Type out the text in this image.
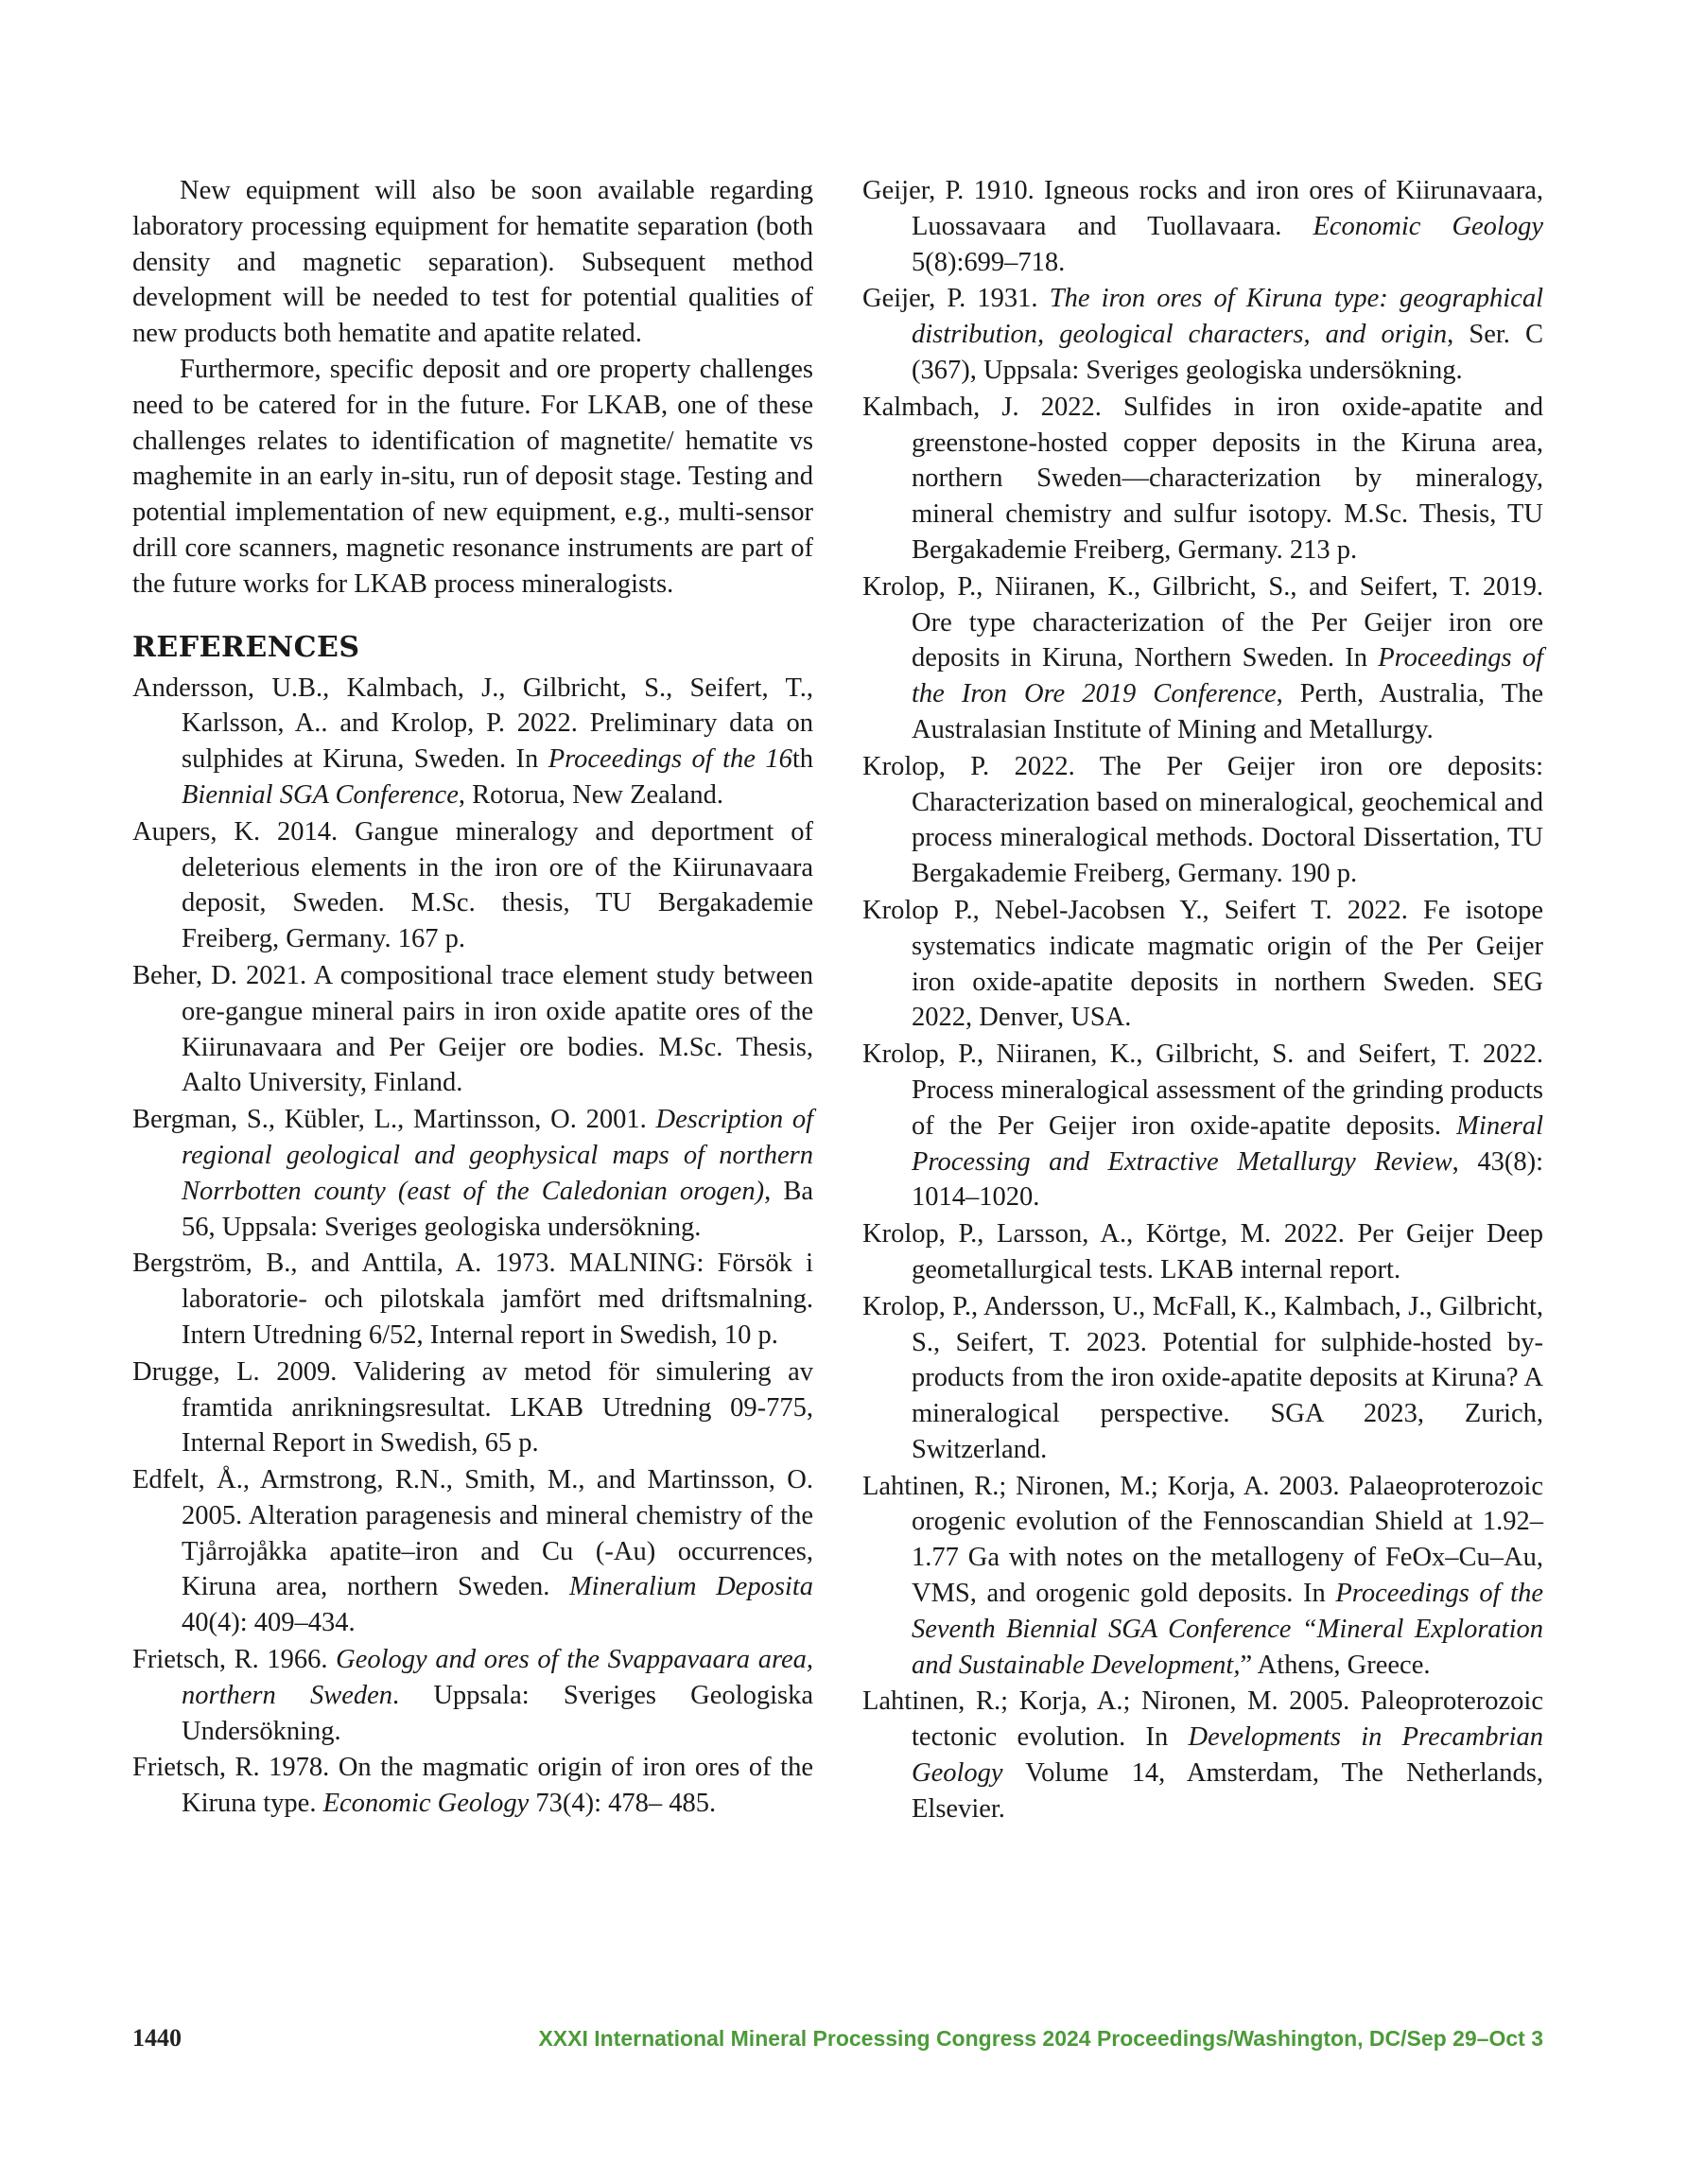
New equipment will also be soon available regarding laboratory processing equipment for hematite separation (both density and magnetic separation). Subsequent method development will be needed to test for potential qualities of new products both hematite and apatite related.

Furthermore, specific deposit and ore property challenges need to be catered for in the future. For LKAB, one of these challenges relates to identification of magnetite/ hematite vs maghemite in an early in-situ, run of deposit stage. Testing and potential implementation of new equipment, e.g., multi-sensor drill core scanners, magnetic resonance instruments are part of the future works for LKAB process mineralogists.

REFERENCES

Andersson, U.B., Kalmbach, J., Gilbricht, S., Seifert, T., Karlsson, A.. and Krolop, P. 2022. Preliminary data on sulphides at Kiruna, Sweden. In Proceedings of the 16th Biennial SGA Conference, Rotorua, New Zealand.

Aupers, K. 2014. Gangue mineralogy and deportment of deleterious elements in the iron ore of the Kiirunavaara deposit, Sweden. M.Sc. thesis, TU Bergakademie Freiberg, Germany. 167 p.

Beher, D. 2021. A compositional trace element study between ore-gangue mineral pairs in iron oxide apatite ores of the Kiirunavaara and Per Geijer ore bodies. M.Sc. Thesis, Aalto University, Finland.

Bergman, S., Kübler, L., Martinsson, O. 2001. Description of regional geological and geophysical maps of northern Norrbotten county (east of the Caledonian orogen), Ba 56, Uppsala: Sveriges geologiska undersökning.

Bergström, B., and Anttila, A. 1973. MALNING: Försök i laboratorie- och pilotskala jamfört med driftsmalning. Intern Utredning 6/52, Internal report in Swedish, 10 p.

Drugge, L. 2009. Validering av metod för simulering av framtida anrikningsresultat. LKAB Utredning 09-775, Internal Report in Swedish, 65 p.

Edfelt, Å., Armstrong, R.N., Smith, M., and Martinsson, O. 2005. Alteration paragenesis and mineral chemistry of the Tjårrojåkka apatite–iron and Cu (-Au) occurrences, Kiruna area, northern Sweden. Mineralium Deposita 40(4): 409–434.

Frietsch, R. 1966. Geology and ores of the Svappavaara area, northern Sweden. Uppsala: Sveriges Geologiska Undersökning.

Frietsch, R. 1978. On the magmatic origin of iron ores of the Kiruna type. Economic Geology 73(4): 478– 485.

Geijer, P. 1910. Igneous rocks and iron ores of Kiirunavaara, Luossavaara and Tuollavaara. Economic Geology 5(8):699–718.

Geijer, P. 1931. The iron ores of Kiruna type: geographical distribution, geological characters, and origin, Ser. C (367), Uppsala: Sveriges geologiska undersökning.

Kalmbach, J. 2022. Sulfides in iron oxide-apatite and greenstone-hosted copper deposits in the Kiruna area, northern Sweden—characterization by mineralogy, mineral chemistry and sulfur isotopy. M.Sc. Thesis, TU Bergakademie Freiberg, Germany. 213 p.

Krolop, P., Niiranen, K., Gilbricht, S., and Seifert, T. 2019. Ore type characterization of the Per Geijer iron ore deposits in Kiruna, Northern Sweden. In Proceedings of the Iron Ore 2019 Conference, Perth, Australia, The Australasian Institute of Mining and Metallurgy.

Krolop, P. 2022. The Per Geijer iron ore deposits: Characterization based on mineralogical, geochemical and process mineralogical methods. Doctoral Dissertation, TU Bergakademie Freiberg, Germany. 190 p.

Krolop P., Nebel-Jacobsen Y., Seifert T. 2022. Fe isotope systematics indicate magmatic origin of the Per Geijer iron oxide-apatite deposits in northern Sweden. SEG 2022, Denver, USA.

Krolop, P., Niiranen, K., Gilbricht, S. and Seifert, T. 2022. Process mineralogical assessment of the grinding products of the Per Geijer iron oxide-apatite deposits. Mineral Processing and Extractive Metallurgy Review, 43(8): 1014–1020.

Krolop, P., Larsson, A., Körtge, M. 2022. Per Geijer Deep geometallurgical tests. LKAB internal report.

Krolop, P., Andersson, U., McFall, K., Kalmbach, J., Gilbricht, S., Seifert, T. 2023. Potential for sulphide-hosted by-products from the iron oxide-apatite deposits at Kiruna? A mineralogical perspective. SGA 2023, Zurich, Switzerland.

Lahtinen, R.; Nironen, M.; Korja, A. 2003. Palaeoproterozoic orogenic evolution of the Fennoscandian Shield at 1.92–1.77 Ga with notes on the metallogeny of FeOx–Cu–Au, VMS, and orogenic gold deposits. In Proceedings of the Seventh Biennial SGA Conference “Mineral Exploration and Sustainable Development,” Athens, Greece.

Lahtinen, R.; Korja, A.; Nironen, M. 2005. Paleoproterozoic tectonic evolution. In Developments in Precambrian Geology Volume 14, Amsterdam, The Netherlands, Elsevier.

1440	XXXI International Mineral Processing Congress 2024 Proceedings/Washington, DC/Sep 29–Oct 3
